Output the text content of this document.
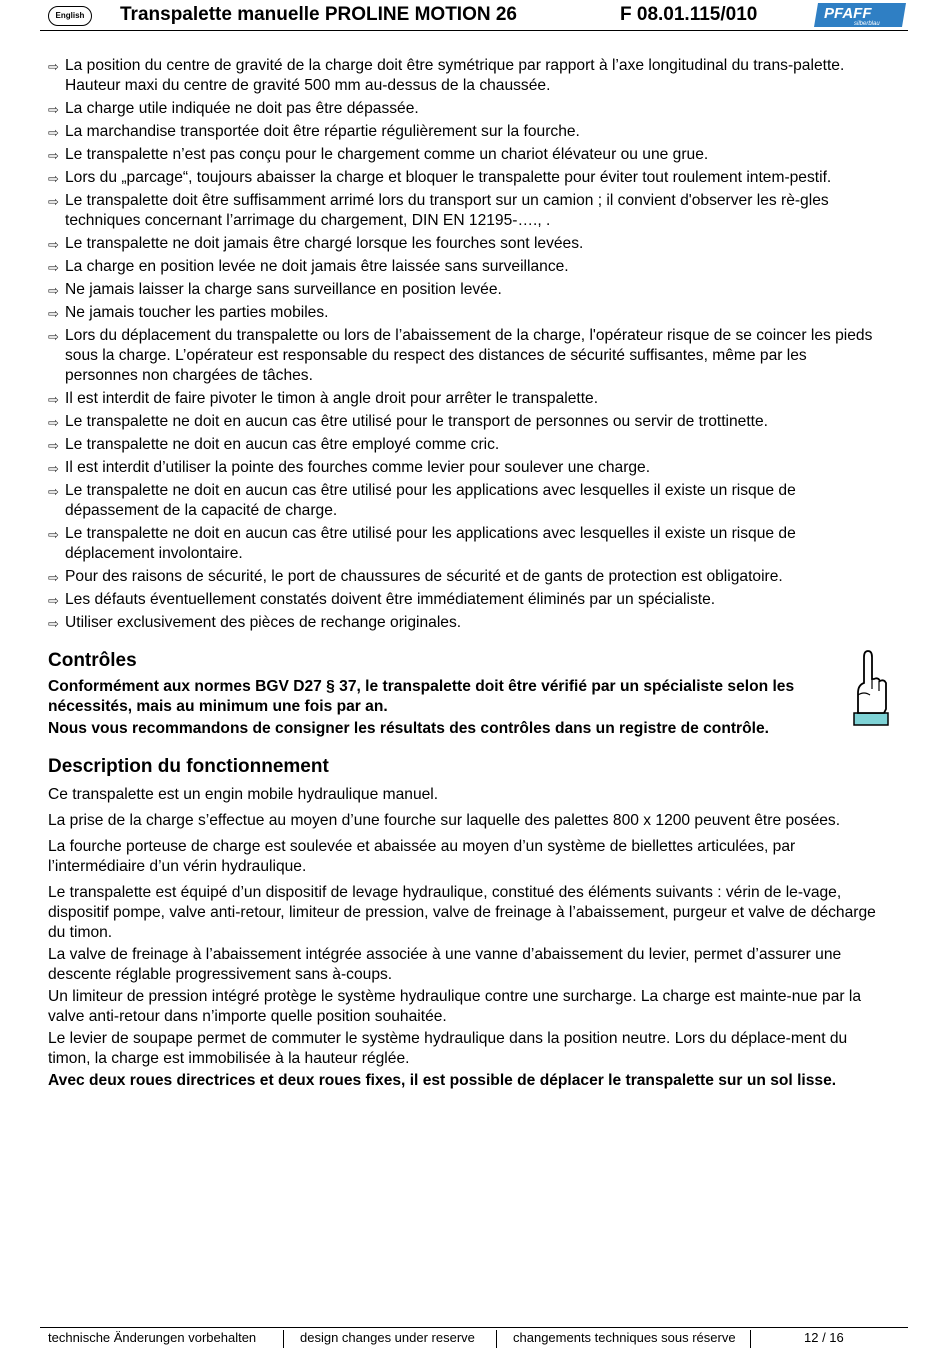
English	Transpalette manuelle PROLINE MOTION 26	F 08.01.115/010	PFAFF
silberblau
⇨ La position du centre de gravité de la charge doit être symétrique par rapport à l’axe longitudinal du trans-palette. Hauteur maxi du centre de gravité 500 mm au-dessus de la chaussée.
⇨ La charge utile indiquée ne doit pas être dépassée.
⇨ La marchandise transportée doit être répartie régulièrement sur la fourche.
⇨ Le transpalette n’est pas conçu pour le chargement comme un chariot élévateur ou une grue.
⇨ Lors du „parcage“, toujours abaisser la charge et bloquer le transpalette pour éviter tout roulement intem-pestif.
⇨ Le transpalette doit être suffisamment arrimé lors du transport sur un camion ; il convient d'observer les rè-gles techniques concernant l’arrimage du chargement, DIN EN 12195-…., .
⇨ Le transpalette ne doit jamais être chargé lorsque les fourches sont levées.
⇨ La charge en position levée ne doit jamais être laissée sans surveillance.
⇨ Ne jamais laisser la charge sans surveillance en position levée.
⇨ Ne jamais toucher les parties mobiles.
⇨ Lors du déplacement du transpalette ou lors de l’abaissement de la charge, l'opérateur risque de se coincer les pieds sous la charge. L’opérateur est responsable du respect des distances de sécurité suffisantes, même par les personnes non chargées de tâches.
⇨ Il est interdit de faire pivoter le timon à angle droit pour arrêter le transpalette.
⇨ Le transpalette ne doit en aucun cas être utilisé pour le transport de personnes ou servir de trottinette.
⇨ Le transpalette ne doit en aucun cas être employé comme cric.
⇨ Il est interdit d’utiliser la pointe des fourches comme levier pour soulever une charge.
⇨ Le transpalette ne doit en aucun cas être utilisé pour les applications avec lesquelles il existe un risque de dépassement de la capacité de charge.
⇨ Le transpalette ne doit en aucun cas être utilisé pour les applications avec lesquelles il existe un risque de déplacement involontaire.
⇨ Pour des raisons de sécurité, le port de chaussures de sécurité et de gants de protection est obligatoire.
⇨ Les défauts éventuellement constatés doivent être immédiatement éliminés par un spécialiste.
⇨ Utiliser exclusivement des pièces de rechange originales.
Contrôles

Conformément aux normes BGV D27 § 37, le transpalette doit être vérifié par un spécialiste selon les nécessités, mais au minimum une fois par an.

Nous vous recommandons de consigner les résultats des contrôles dans un registre de contrôle.

Description du fonctionnement

Ce transpalette est un engin mobile hydraulique manuel.

La prise de la charge s’effectue au moyen d’une fourche sur laquelle des palettes 800 x 1200 peuvent être posées.

La fourche porteuse de charge est soulevée et abaissée au moyen d’un système de biellettes articulées, par l’intermédiaire d’un vérin hydraulique.

Le transpalette est équipé d’un dispositif de levage hydraulique, constitué des éléments suivants : vérin de le-vage, dispositif pompe, valve anti-retour, limiteur de pression, valve de freinage à l’abaissement, purgeur et valve de décharge du timon.

La valve de freinage à l’abaissement intégrée associée à une vanne d’abaissement du levier, permet d’assurer une descente réglable progressivement sans à-coups.

Un limiteur de pression intégré protège le système hydraulique contre une surcharge. La charge est mainte-nue par la valve anti-retour dans n’importe quelle position souhaitée.

Le levier de soupape permet de commuter le système hydraulique dans la position neutre. Lors du déplace-ment du timon, la charge est immobilisée à la hauteur réglée.

Avec deux roues directrices et deux roues fixes, il est possible de déplacer le transpalette sur un sol lisse.

technische Änderungen vorbehalten	design changes under reserve	changements techniques sous réserve	12 / 16
